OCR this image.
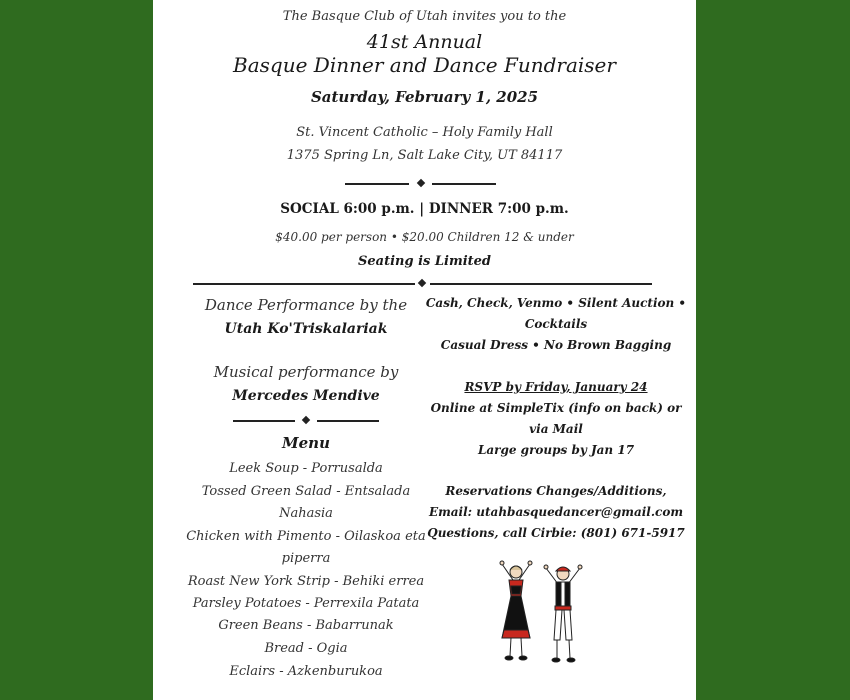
The Basque Club of Utah invites you to the
41st Annual
Basque Dinner and Dance Fundraiser
Saturday, February 1, 2025
St. Vincent Catholic – Holy Family Hall
1375 Spring Ln, Salt Lake City, UT 84117
SOCIAL 6:00 p.m. | DINNER 7:00 p.m.
$40.00 per person • $20.00 Children 12 & under
Seating is Limited
Dance Performance by the
Utah Ko'Triskalariak
Musical performance by
Mercedes Mendive
Menu
Leek Soup - Porrusalda
Tossed Green Salad - Entsalada
Nahasia
Chicken with Pimento - Oilaskoa eta
piperra
Roast New York Strip - Behiki errea
Parsley Potatoes - Perrexila Patata
Green Beans - Babarrunak
Bread - Ogia
Eclairs - Azkenburukoa
Cash, Check, Venmo • Silent Auction •
Cocktails
Casual Dress • No Brown Bagging
RSVP by Friday, January 24
Online at SimpleTix (info on back) or
via Mail
Large groups by Jan 17
Reservations Changes/Additions,
Email: utahbasquedancer@gmail.com
Questions, call Cirbie: (801) 671-5917
